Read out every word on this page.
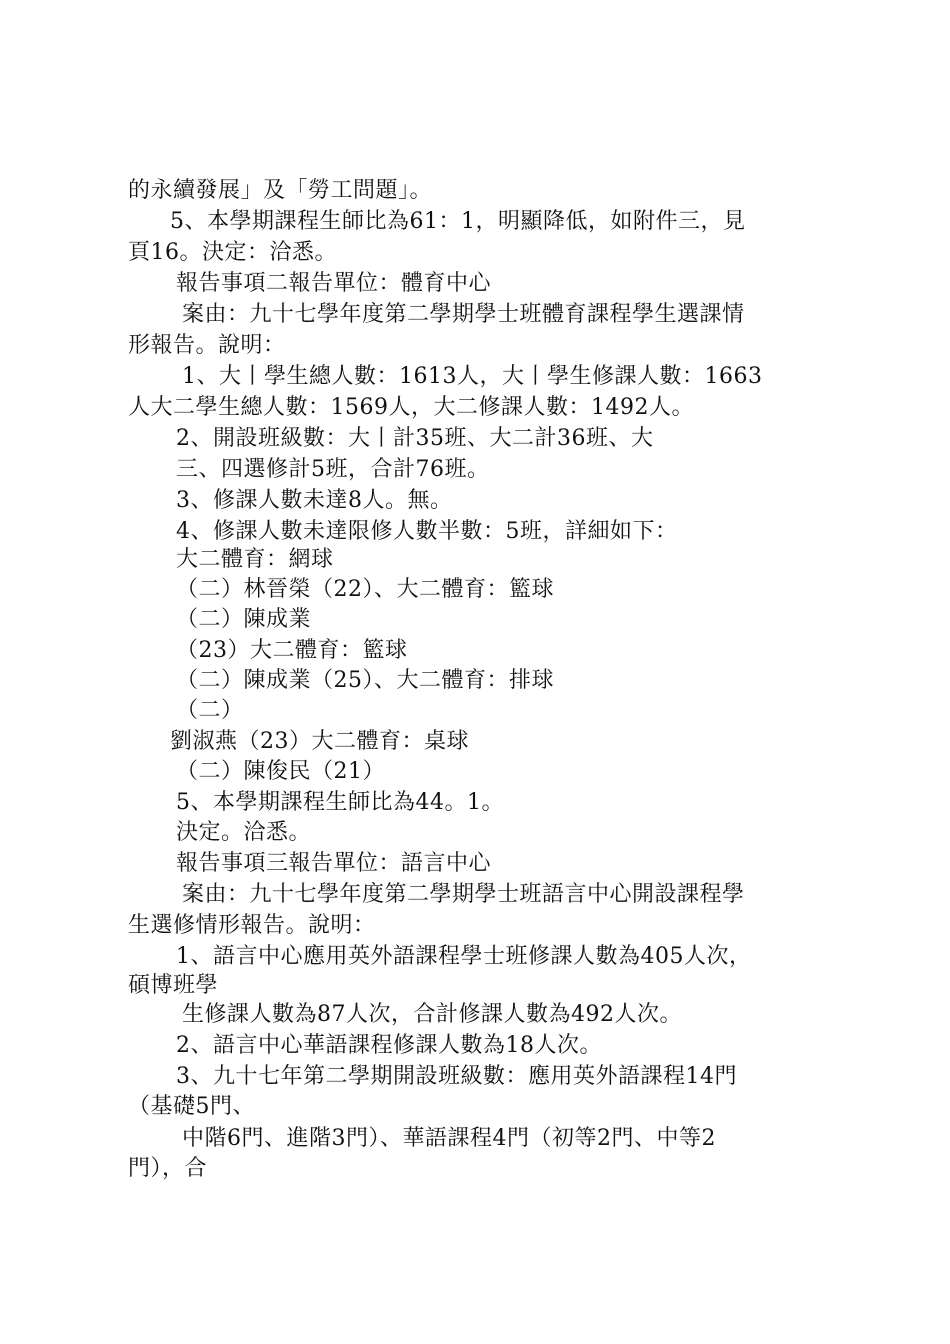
的永續發展」及「勞工問題」。
5、本學期課程生師比為61：1，明顯降低，如附件三，見
頁16。決定：洽悉。
報告事項二報告單位：體育中心
案由：九十七學年度第二學期學士班體育課程學生選課情
形報告。說明：
1、大丨學生總人數：1613人，大丨學生修課人數：1663
人大二學生總人數：1569人，大二修課人數：1492人。
2、開設班級數：大丨計35班、大二計36班、大
三、四選修計5班，合計76班。
3、修課人數未達8人。無。
4、修課人數未達限修人數半數：5班，詳細如下：
大二體育：網球
（二）林晉榮（22）、大二體育：籃球
（二）陳成業
（23）大二體育：籃球
（二）陳成業（25）、大二體育：排球
（二）
劉淑燕（23）大二體育：桌球
（二）陳俊民（21）
5、本學期課程生師比為44。1。
決定。洽悉。
報告事項三報告單位：語言中心
案由：九十七學年度第二學期學士班語言中心開設課程學
生選修情形報告。說明：
1、語言中心應用英外語課程學士班修課人數為405人次，
碩博班學
生修課人數為87人次，合計修課人數為492人次。
2、語言中心華語課程修課人數為18人次。
3、九十七年第二學期開設班級數：應用英外語課程14門
（基礎5門、
中階6門、進階3門）、華語課程4門（初等2門、中等2
門），合
